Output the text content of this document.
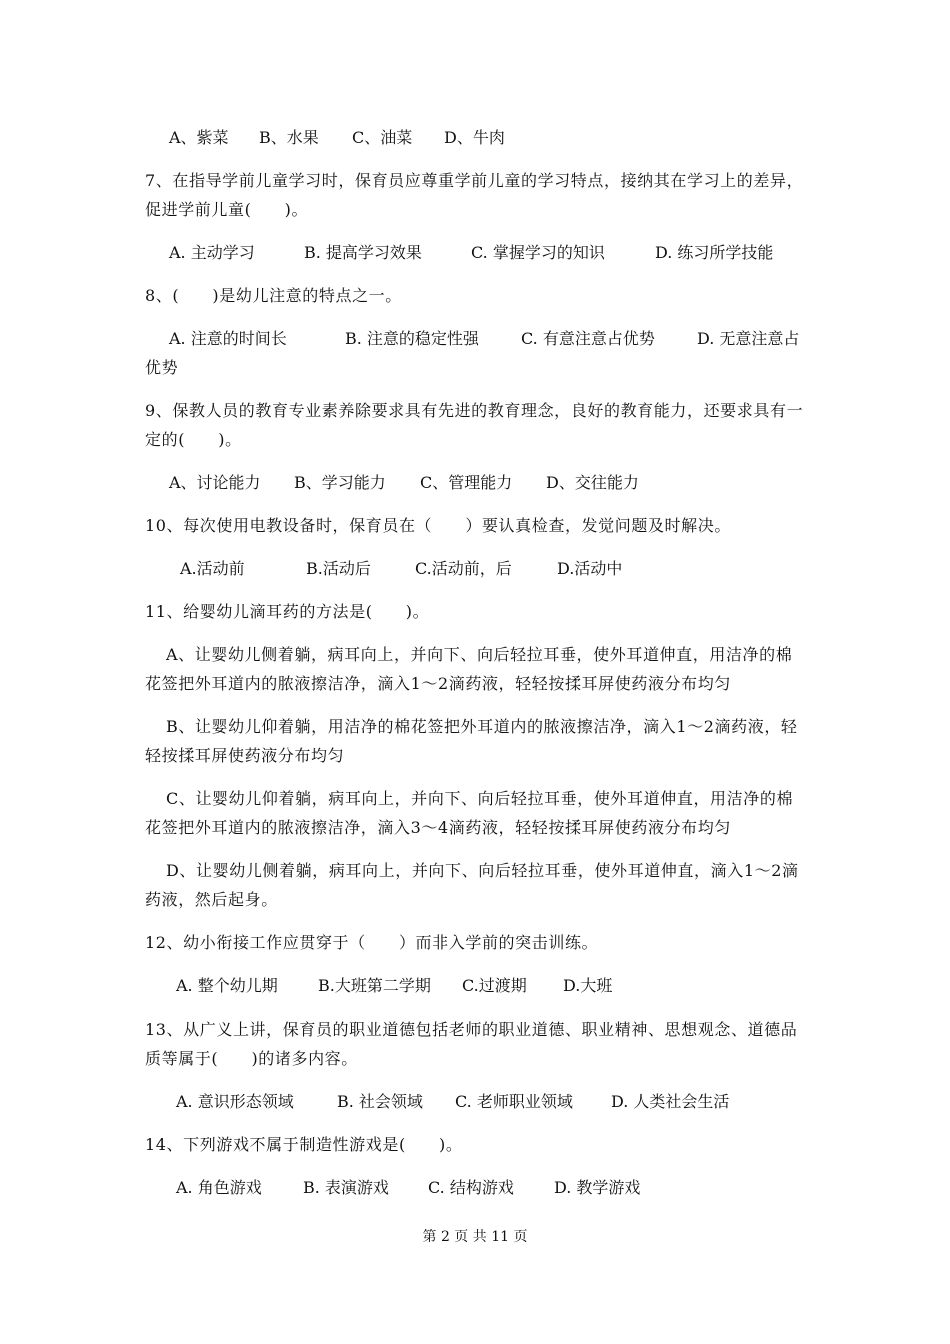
A、紫菜 B、水果 C、油菜 D、牛肉
7、在指导学前儿童学习时，保育员应尊重学前儿童的学习特点，接纳其在学习上的差异，
促进学前儿童(　　)。
A. 主动学习	B. 提高学习效果	C. 掌握学习的知识	D. 练习所学技能
8、(　　)是幼儿注意的特点之一。
A. 注意的时间长	B. 注意的稳定性强	C. 有意注意占优势	D. 无意注意占
优势
9、保教人员的教育专业素养除要求具有先进的教育理念，良好的教育能力，还要求具有一
定的(　　)。
A、讨论能力 B、学习能力 C、管理能力 D、交往能力
10、每次使用电教设备时，保育员在（　　）要认真检查，发觉问题及时解决。
A.活动前	B.活动后	C.活动前，后	D.活动中
11、给婴幼儿滴耳药的方法是(　　)。
A、让婴幼儿侧着躺，病耳向上，并向下、向后轻拉耳垂，使外耳道伸直，用洁净的棉
花签把外耳道内的脓液擦洁净，滴入1～2滴药液，轻轻按揉耳屏使药液分布均匀
B、让婴幼儿仰着躺，用洁净的棉花签把外耳道内的脓液擦洁净，滴入1～2滴药液，轻
轻按揉耳屏使药液分布均匀
C、让婴幼儿仰着躺，病耳向上，并向下、向后轻拉耳垂，使外耳道伸直，用洁净的棉
花签把外耳道内的脓液擦洁净，滴入3～4滴药液，轻轻按揉耳屏使药液分布均匀
D、让婴幼儿侧着躺，病耳向上，并向下、向后轻拉耳垂，使外耳道伸直，滴入1～2滴
药液，然后起身。
12、幼小衔接工作应贯穿于（　　）而非入学前的突击训练。
A. 整个幼儿期	B.大班第二学期 C.过渡期 D.大班
13、从广义上讲，保育员的职业道德包括老师的职业道德、职业精神、思想观念、道德品
质等属于(　　)的诸多内容。
A. 意识形态领域	B. 社会领域 C. 老师职业领域 D. 人类社会生活
14、下列游戏不属于制造性游戏是(　　)。
A. 角色游戏	B. 表演游戏 C. 结构游戏	D. 教学游戏
第 2 页 共 11 页
